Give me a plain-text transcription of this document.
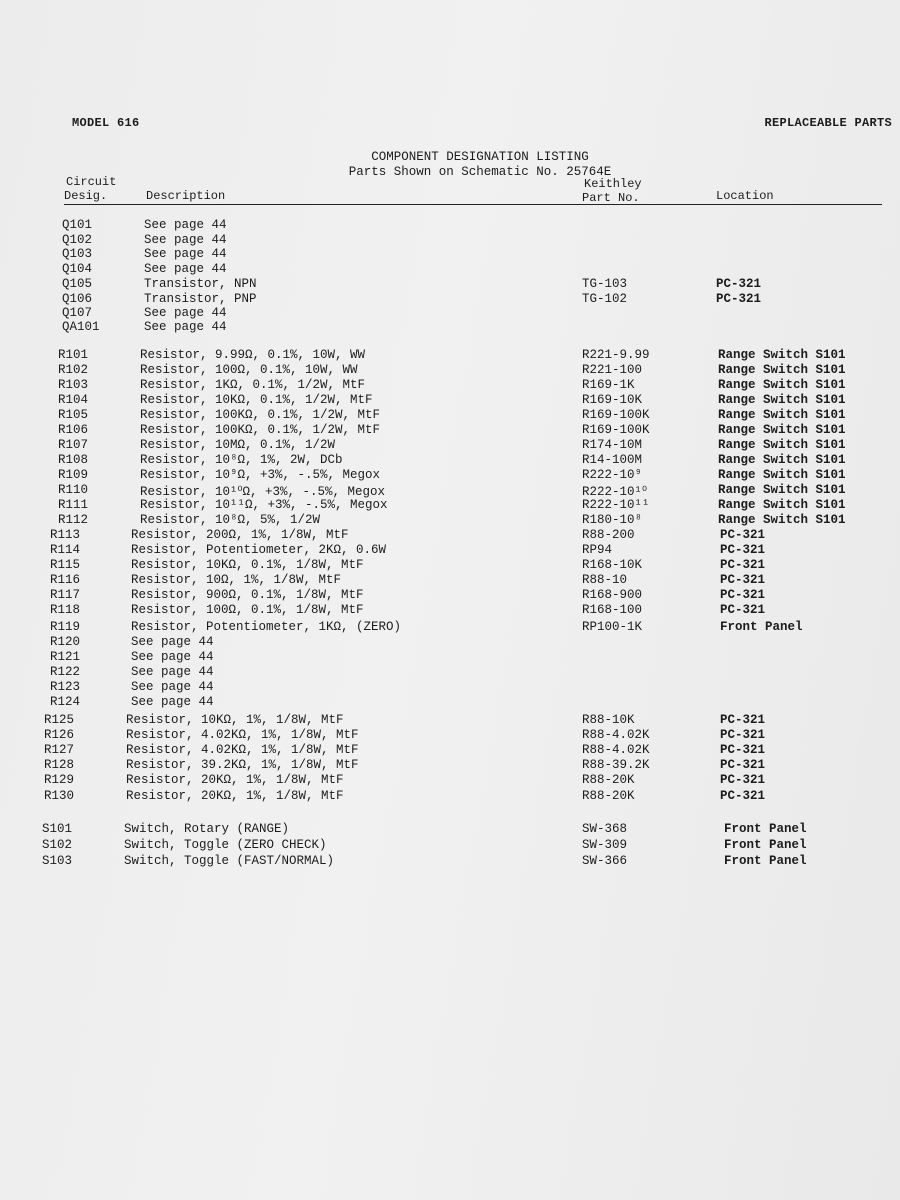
MODEL 616	REPLACEABLE PARTS
COMPONENT DESIGNATION LISTING
Parts Shown on Schematic No. 25764E
Circuit
Desig.	Description
Keithley
Part No.	Location
Q101	See page 44
Q102	See page 44
Q103	See page 44
Q104	See page 44
Q105	Transistor, NPN	TG-103	PC-321
Q106	Transistor, PNP	TG-102	PC-321
Q107	See page 44
QA101	See page 44
R101	Resistor, 9.99Ω, 0.1%, 10W, WW	R221-9.99	Range Switch S101
R102	Resistor, 100Ω, 0.1%, 10W, WW	R221-100	Range Switch S101
R103	Resistor, 1KΩ, 0.1%, 1/2W, MtF	R169-1K	Range Switch S101
R104	Resistor, 10KΩ, 0.1%, 1/2W, MtF	R169-10K	Range Switch S101
R105	Resistor, 100KΩ, 0.1%, 1/2W, MtF	R169-100K	Range Switch S101
R106	Resistor, 100KΩ, 0.1%, 1/2W, MtF	R169-100K	Range Switch S101
R107	Resistor, 10MΩ, 0.1%, 1/2W	R174-10M	Range Switch S101
R108	Resistor, 10⁸Ω, 1%, 2W, DCb	R14-100M	Range Switch S101
R109	Resistor, 10⁹Ω, +3%, -.5%, Megox	R222-10⁹	Range Switch S101
R110	Resistor, 10¹⁰Ω, +3%, -.5%, Megox	R222-10¹⁰	Range Switch S101
R111	Resistor, 10¹¹Ω, +3%, -.5%, Megox	R222-10¹¹	Range Switch S101
R112	Resistor, 10⁸Ω, 5%, 1/2W	R180-10⁸	Range Switch S101
R113	Resistor, 200Ω, 1%, 1/8W, MtF	R88-200	PC-321
R114	Resistor, Potentiometer, 2KΩ, 0.6W	RP94	PC-321
R115	Resistor, 10KΩ, 0.1%, 1/8W, MtF	R168-10K	PC-321
R116	Resistor, 10Ω, 1%, 1/8W, MtF	R88-10	PC-321
R117	Resistor, 900Ω, 0.1%, 1/8W, MtF	R168-900	PC-321
R118	Resistor, 100Ω, 0.1%, 1/8W, MtF	R168-100	PC-321
R119	Resistor, Potentiometer, 1KΩ, (ZERO)	RP100-1K	Front Panel
R120	See page 44
R121	See page 44
R122	See page 44
R123	See page 44
R124	See page 44
R125	Resistor, 10KΩ, 1%, 1/8W, MtF	R88-10K	PC-321
R126	Resistor, 4.02KΩ, 1%, 1/8W, MtF	R88-4.02K	PC-321
R127	Resistor, 4.02KΩ, 1%, 1/8W, MtF	R88-4.02K	PC-321
R128	Resistor, 39.2KΩ, 1%, 1/8W, MtF	R88-39.2K	PC-321
R129	Resistor, 20KΩ, 1%, 1/8W, MtF	R88-20K	PC-321
R130	Resistor, 20KΩ, 1%, 1/8W, MtF	R88-20K	PC-321
S101	Switch, Rotary (RANGE)	SW-368	Front Panel
S102	Switch, Toggle (ZERO CHECK)	SW-309	Front Panel
S103	Switch, Toggle (FAST/NORMAL)	SW-366	Front Panel
